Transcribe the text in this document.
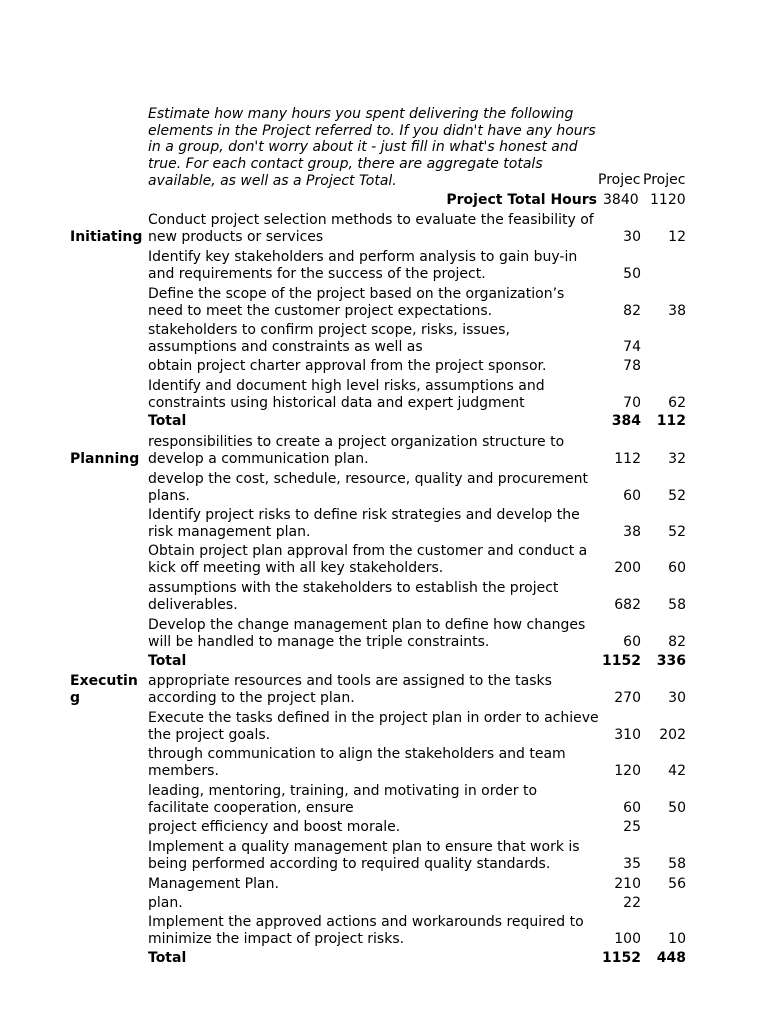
Estimate how many hours you spent delivering the following elements in the Project referred to. If you didn't have any hours in a group, don't worry about it - just fill in what's honest and true. For each contact group, there are aggregate totals available, as well as a Project Total.	Projec Projec
Project Total Hours 3840 1120
Initiating
Conduct project selection methods to evaluate the feasibility of new products or services	30	12
Identify key stakeholders and perform analysis to gain buy-in and requirements for the success of the project.	50
Define the scope of the project based on the organization’s need to meet the customer project expectations.	82	38
stakeholders to confirm project scope, risks, issues, assumptions and constraints as well as	74
obtain project charter approval from the project sponsor.	78
Identify and document high level risks, assumptions and constraints using historical data and expert judgment	70	62
Total	384	112
Planning
responsibilities to create a project organization structure to develop a communication plan.	112	32
develop the cost, schedule, resource, quality and procurement plans.	60	52
Identify project risks to define risk strategies and develop the risk management plan.	38	52
Obtain project plan approval from the customer and conduct a kick off meeting with all key stakeholders.	200	60
assumptions with the stakeholders to establish the project deliverables.	682	58
Develop the change management plan to define how changes will be handled to manage the triple constraints.	60	82
Total	1152	336
Executing
appropriate resources and tools are assigned to the tasks according to the project plan.	270	30
Execute the tasks defined in the project plan in order to achieve the project goals.	310	202
through communication to align the stakeholders and team members.	120	42
leading, mentoring, training, and motivating in order to facilitate cooperation, ensure	60	50
project efficiency and boost morale.	25
Implement a quality management plan to ensure that work is being performed according to required quality standards.	35	58
Management Plan.	210	56
plan.	22
Implement the approved actions and workarounds required to minimize the impact of project risks.	100	10
Total	1152	448
